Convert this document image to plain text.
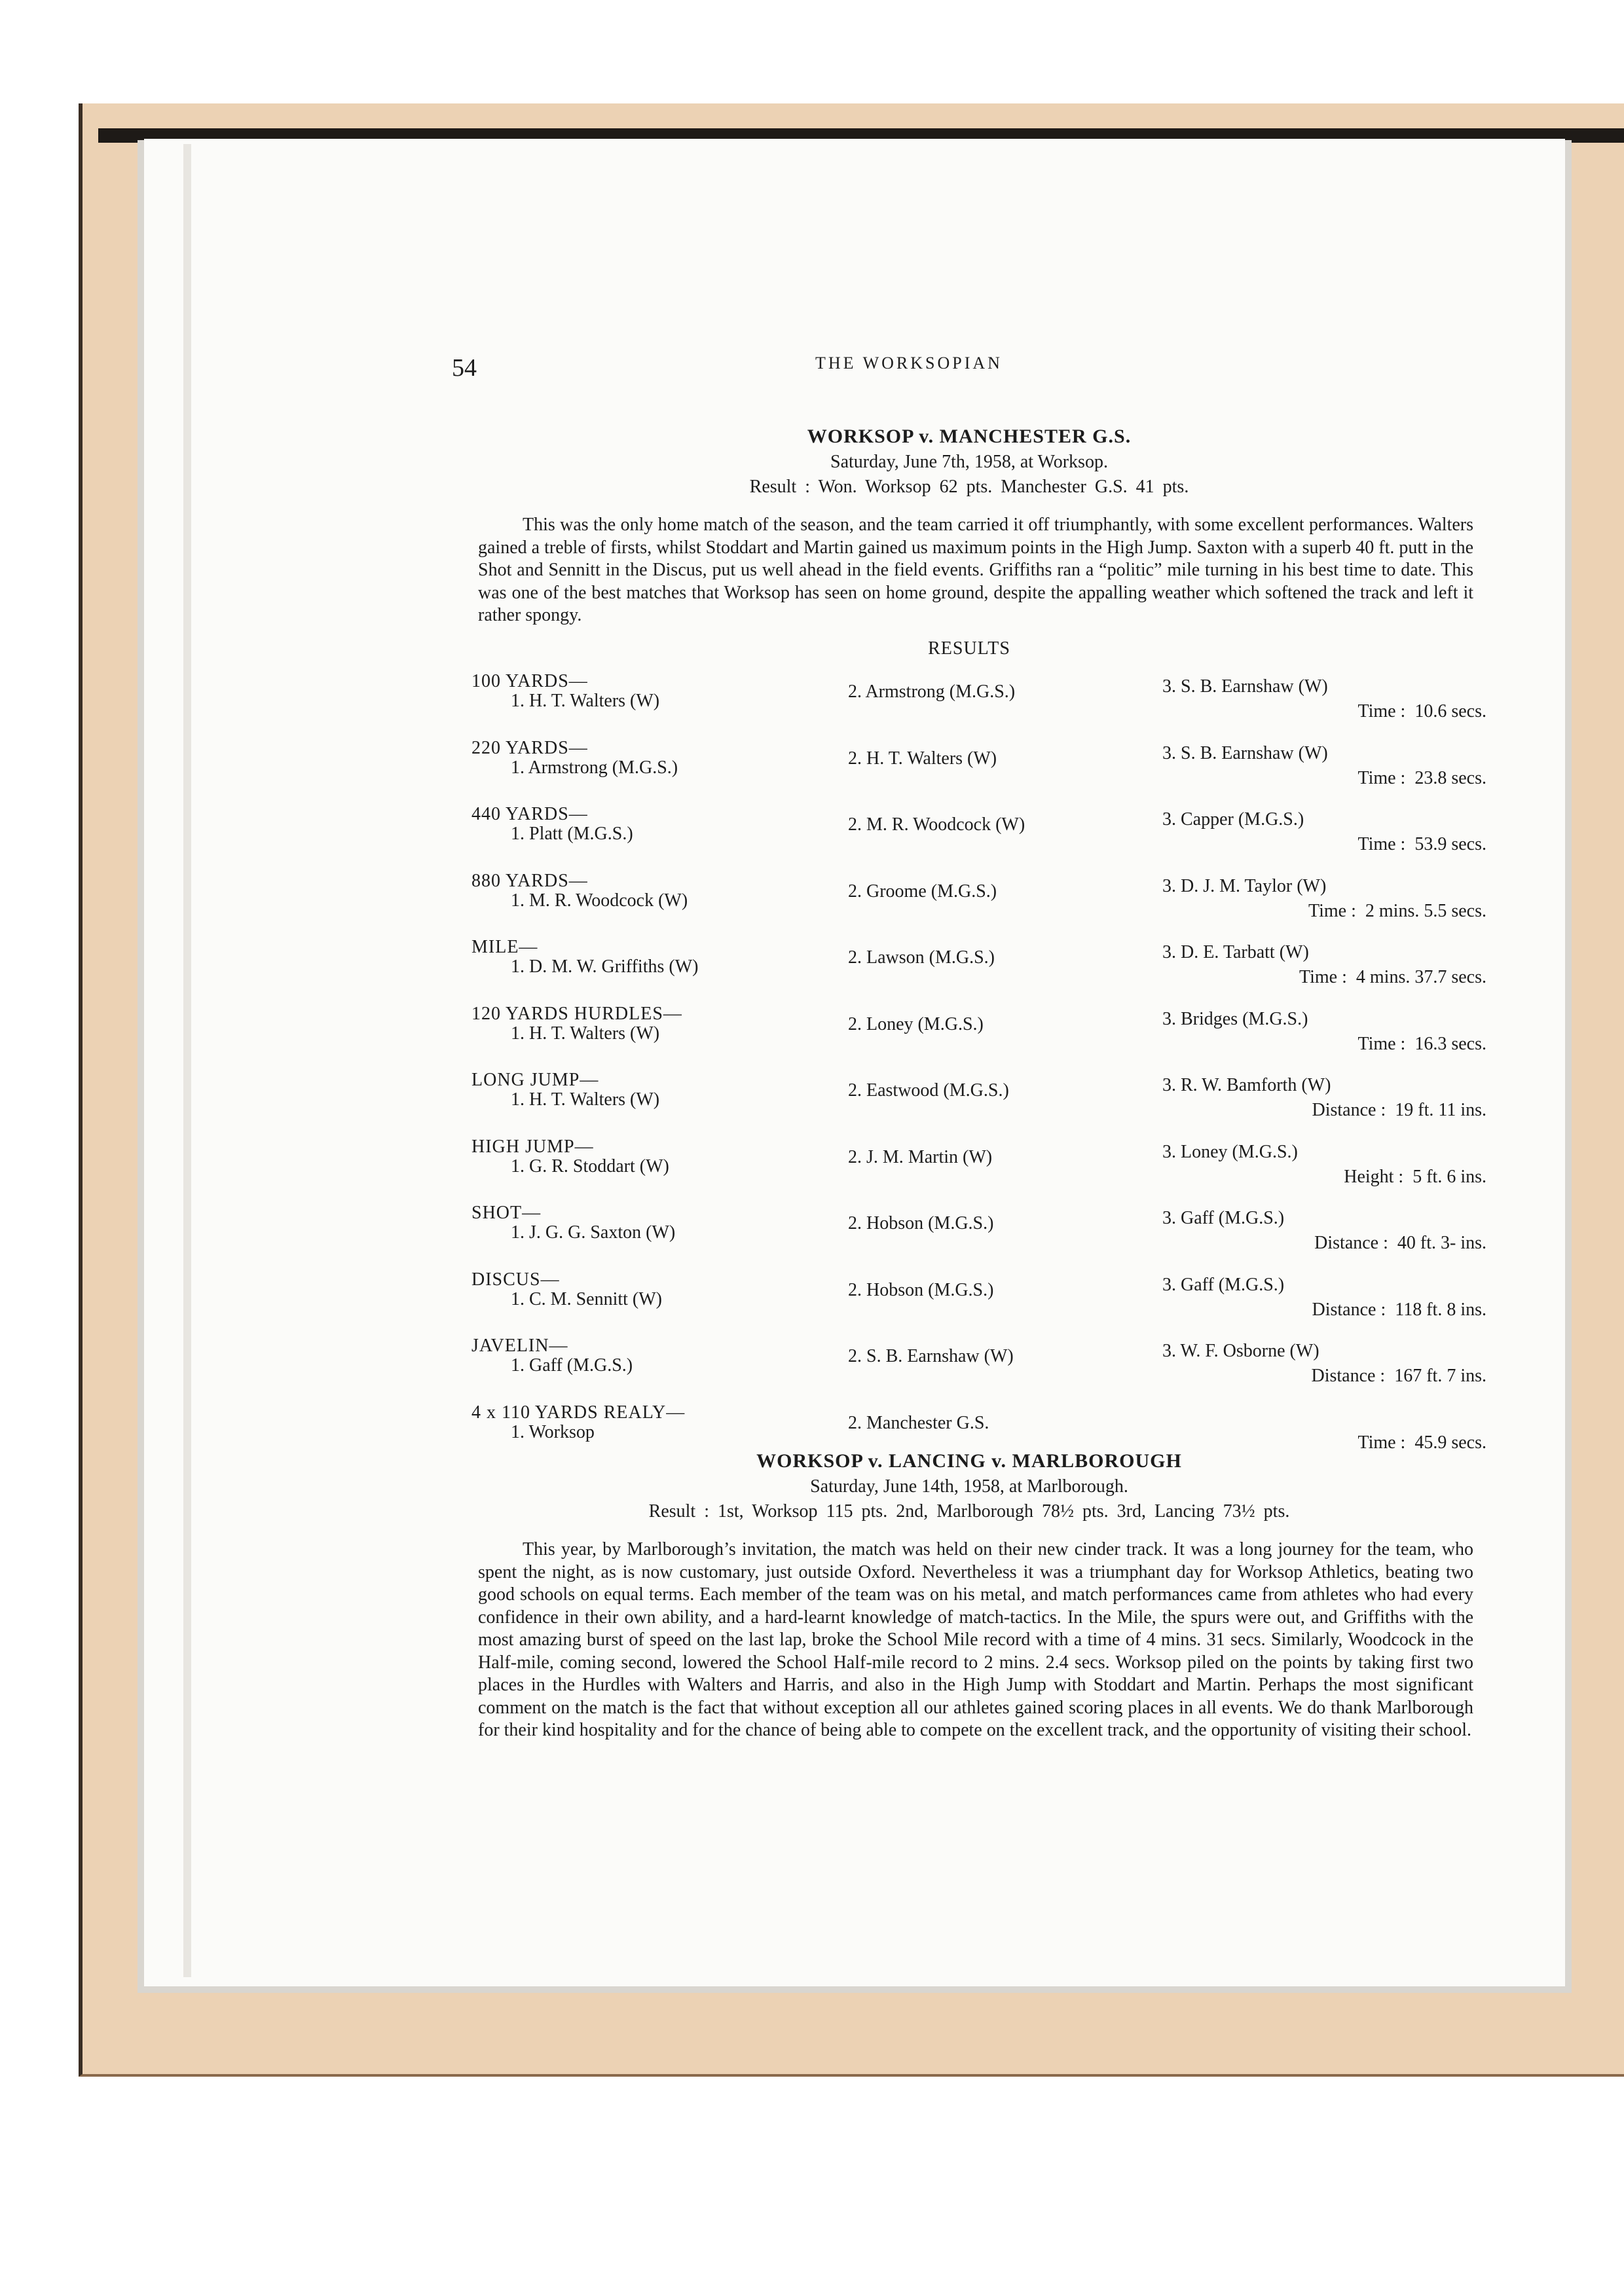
54	THE WORKSOPIAN
WORKSOP v. MANCHESTER G.S.
Saturday, June 7th, 1958, at Worksop.
Result : Won. Worksop 62 pts. Manchester G.S. 41 pts.
This was the only home match of the season, and the team carried it off triumphantly, with some excellent performances. Walters gained a treble of firsts, whilst Stoddart and Martin gained us maximum points in the High Jump. Saxton with a superb 40 ft. putt in the Shot and Sennitt in the Discus, put us well ahead in the field events. Griffiths ran a “politic” mile turning in his best time to date. This was one of the best matches that Worksop has seen on home ground, despite the appalling weather which softened the track and left it rather spongy.
RESULTS
100 YARDS—
1. H. T. Walters (W)	2. Armstrong (M.G.S.)	3. S. B. Earnshaw (W)
Time : 10.6 secs.
220 YARDS—
1. Armstrong (M.G.S.)	2. H. T. Walters (W)	3. S. B. Earnshaw (W)
Time : 23.8 secs.
440 YARDS—
1. Platt (M.G.S.)	2. M. R. Woodcock (W)	3. Capper (M.G.S.)
Time : 53.9 secs.
880 YARDS—
1. M. R. Woodcock (W)	2. Groome (M.G.S.)	3. D. J. M. Taylor (W)
Time : 2 mins. 5.5 secs.
MILE—
1. D. M. W. Griffiths (W)	2. Lawson (M.G.S.)	3. D. E. Tarbatt (W)
Time : 4 mins. 37.7 secs.
120 YARDS HURDLES—
1. H. T. Walters (W)	2. Loney (M.G.S.)	3. Bridges (M.G.S.)
Time : 16.3 secs.
LONG JUMP—
1. H. T. Walters (W)	2. Eastwood (M.G.S.)	3. R. W. Bamforth (W)
Distance : 19 ft. 11 ins.
HIGH JUMP—
1. G. R. Stoddart (W)	2. J. M. Martin (W)	3. Loney (M.G.S.)
Height : 5 ft. 6 ins.
SHOT—
1. J. G. G. Saxton (W)	2. Hobson (M.G.S.)	3. Gaff (M.G.S.)
Distance : 40 ft. 3- ins.
DISCUS—
1. C. M. Sennitt (W)	2. Hobson (M.G.S.)	3. Gaff (M.G.S.)
Distance : 118 ft. 8 ins.
JAVELIN—
1. Gaff (M.G.S.)	2. S. B. Earnshaw (W)	3. W. F. Osborne (W)
Distance : 167 ft. 7 ins.
4 x 110 YARDS REALY—
1. Worksop	2. Manchester G.S.
Time : 45.9 secs.
WORKSOP v. LANCING v. MARLBOROUGH
Saturday, June 14th, 1958, at Marlborough.
Result : 1st, Worksop 115 pts. 2nd, Marlborough 78½ pts. 3rd, Lancing 73½ pts.
This year, by Marlborough’s invitation, the match was held on their new cinder track. It was a long journey for the team, who spent the night, as is now customary, just outside Oxford. Nevertheless it was a triumphant day for Worksop Athletics, beating two good schools on equal terms. Each member of the team was on his metal, and match performances came from athletes who had every confidence in their own ability, and a hard-learnt knowledge of match-tactics. In the Mile, the spurs were out, and Griffiths with the most amazing burst of speed on the last lap, broke the School Mile record with a time of 4 mins. 31 secs. Similarly, Woodcock in the Half-mile, coming second, lowered the School Half-mile record to 2 mins. 2.4 secs. Worksop piled on the points by taking first two places in the Hurdles with Walters and Harris, and also in the High Jump with Stoddart and Martin. Perhaps the most significant comment on the match is the fact that without exception all our athletes gained scoring places in all events. We do thank Marlborough for their kind hospitality and for the chance of being able to compete on the excellent track, and the opportunity of visiting their school.
